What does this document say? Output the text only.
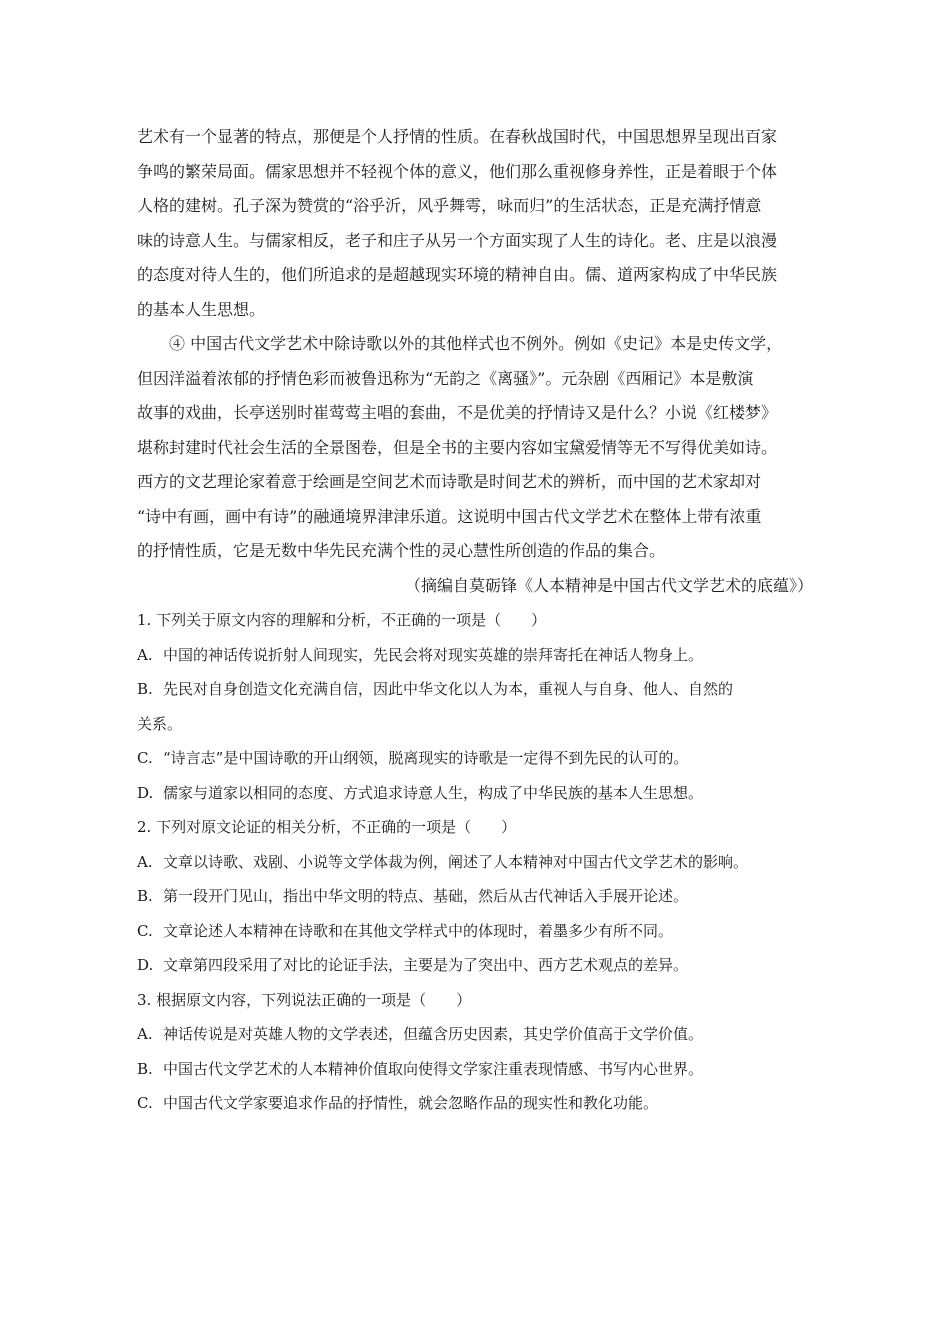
艺术有一个显著的特点，那便是个人抒情的性质。在春秋战国时代，中国思想界呈现出百家
争鸣的繁荣局面。儒家思想并不轻视个体的意义，他们那么重视修身养性，正是着眼于个体
人格的建树。孔子深为赞赏的“浴乎沂，风乎舞雩，咏而归”的生活状态，正是充满抒情意
味的诗意人生。与儒家相反，老子和庄子从另一个方面实现了人生的诗化。老、庄是以浪漫
的态度对待人生的，他们所追求的是超越现实环境的精神自由。儒、道两家构成了中华民族
的基本人生思想。
④ 中国古代文学艺术中除诗歌以外的其他样式也不例外。例如《史记》本是史传文学，
但因洋溢着浓郁的抒情色彩而被鲁迅称为“无韵之《离骚》”。元杂剧《西厢记》本是敷演
故事的戏曲，长亭送别时崔莺莺主唱的套曲，不是优美的抒情诗又是什么？小说《红楼梦》
堪称封建时代社会生活的全景图卷，但是全书的主要内容如宝黛爱情等无不写得优美如诗。
西方的文艺理论家着意于绘画是空间艺术而诗歌是时间艺术的辨析，而中国的艺术家却对
“诗中有画，画中有诗”的融通境界津津乐道。这说明中国古代文学艺术在整体上带有浓重
的抒情性质，它是无数中华先民充满个性的灵心慧性所创造的作品的集合。

（摘编自莫砺锋《人本精神是中国古代文学艺术的底蕴》）

1. 下列关于原文内容的理解和分析，不正确的一项是（　　）

A. 中国的神话传说折射人间现实，先民会将对现实英雄的崇拜寄托在神话人物身上。

B. 先民对自身创造文化充满自信，因此中华文化以人为本，重视人与自身、他人、自然的
关系。

C. “诗言志”是中国诗歌的开山纲领，脱离现实的诗歌是一定得不到先民的认可的。

D. 儒家与道家以相同的态度、方式追求诗意人生，构成了中华民族的基本人生思想。

2. 下列对原文论证的相关分析，不正确的一项是（　　）

A. 文章以诗歌、戏剧、小说等文学体裁为例，阐述了人本精神对中国古代文学艺术的影响。

B. 第一段开门见山，指出中华文明的特点、基础，然后从古代神话入手展开论述。

C. 文章论述人本精神在诗歌和在其他文学样式中的体现时，着墨多少有所不同。

D. 文章第四段采用了对比的论证手法，主要是为了突出中、西方艺术观点的差异。

3. 根据原文内容，下列说法正确的一项是（　　）

A. 神话传说是对英雄人物的文学表述，但蕴含历史因素，其史学价值高于文学价值。

B. 中国古代文学艺术的人本精神价值取向使得文学家注重表现情感、书写内心世界。

C. 中国古代文学家要追求作品的抒情性，就会忽略作品的现实性和教化功能。
